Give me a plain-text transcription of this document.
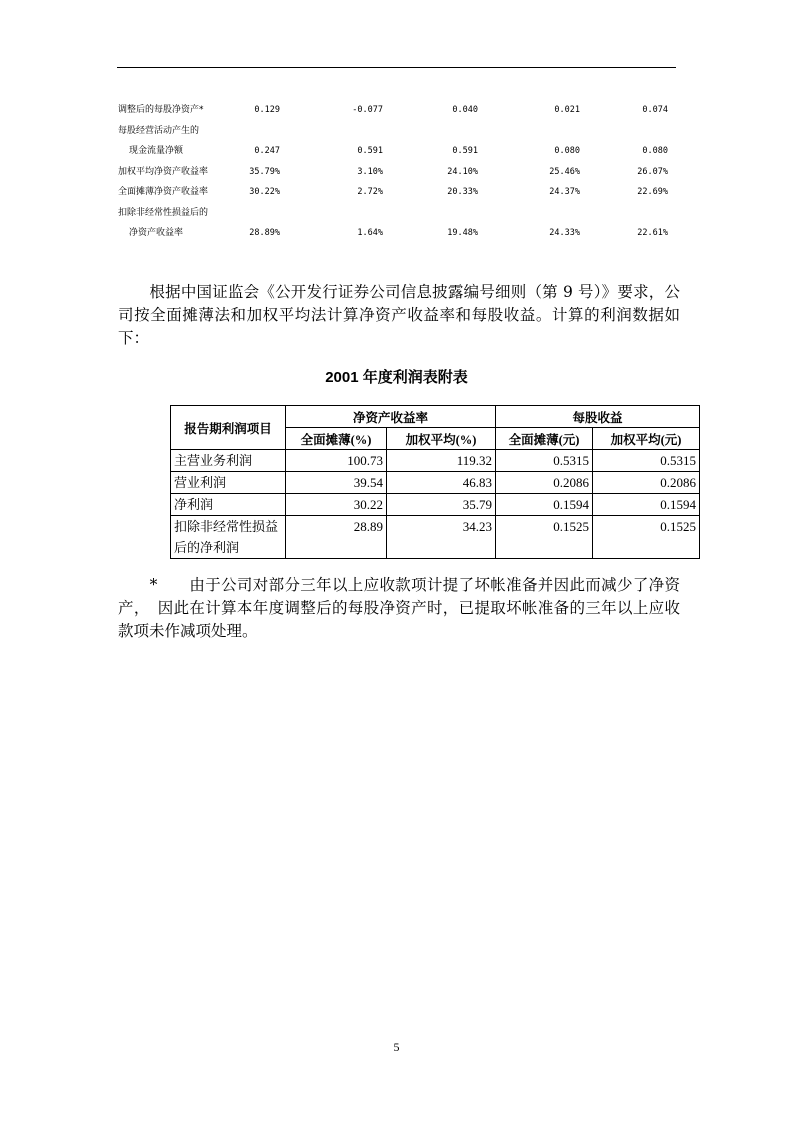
调整后的每股净资产*	0.129	-0.077	0.040	0.021	0.074
每股经营活动产生的
现金流量净额	0.247	0.591	0.591	0.080	0.080
加权平均净资产收益率	35.79%	3.10%	24.10%	25.46%	26.07%
全面摊薄净资产收益率	30.22%	2.72%	20.33%	24.37%	22.69%
扣除非经常性损益后的
净资产收益率	28.89%	1.64%	19.48%	24.33%	22.61%
　　根据中国证监会《公开发行证券公司信息披露编号细则（第 9 号）》要求，公司按全面摊薄法和加权平均法计算净资产收益率和每股收益。计算的利润数据如下：
2001 年度利润表附表
报告期利润项目	净资产收益率		每股收益	
	全面摊薄(%)	加权平均(%)	全面摊薄(元)	加权平均(元)
主营业务利润	100.73	119.32	0.5315	0.5315
营业利润	39.54	46.83	0.2086	0.2086
净利润	30.22	35.79	0.1594	0.1594
扣除非经常性损益后的净利润	28.89	34.23	0.1525	0.1525
　　*　　由于公司对部分三年以上应收款项计提了坏帐准备并因此而减少了净资产，　因此在计算本年度调整后的每股净资产时，已提取坏帐准备的三年以上应收款项未作减项处理。
5
